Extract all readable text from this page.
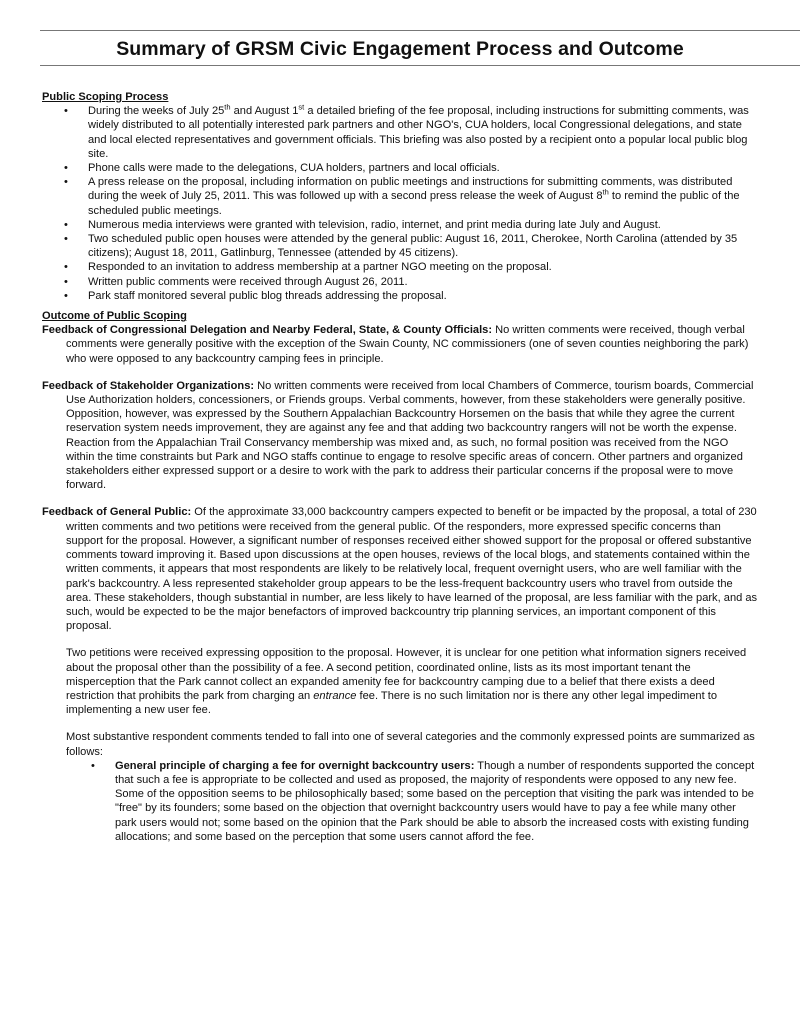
Summary of GRSM Civic Engagement Process and Outcome

Public Scoping Process

• During the weeks of July 25th and August 1st a detailed briefing of the fee proposal, including instructions for submitting comments, was widely distributed to all potentially interested park partners and other NGO's, CUA holders, local Congressional delegations, and state and local elected representatives and government officials. This briefing was also posted by a recipient onto a popular local public blog site.
• Phone calls were made to the delegations, CUA holders, partners and local officials.
• A press release on the proposal, including information on public meetings and instructions for submitting comments, was distributed during the week of July 25, 2011. This was followed up with a second press release the week of August 8th to remind the public of the scheduled public meetings.
• Numerous media interviews were granted with television, radio, internet, and print media during late July and August.
• Two scheduled public open houses were attended by the general public: August 16, 2011, Cherokee, North Carolina (attended by 35 citizens); August 18, 2011, Gatlinburg, Tennessee (attended by 45 citizens).
• Responded to an invitation to address membership at a partner NGO meeting on the proposal.
• Written public comments were received through August 26, 2011.
• Park staff monitored several public blog threads addressing the proposal.

Outcome of Public Scoping

Feedback of Congressional Delegation and Nearby Federal, State, & County Officials: No written comments were received, though verbal comments were generally positive with the exception of the Swain County, NC commissioners (one of seven counties neighboring the park) who were opposed to any backcountry camping fees in principle.

Feedback of Stakeholder Organizations: No written comments were received from local Chambers of Commerce, tourism boards, Commercial Use Authorization holders, concessioners, or Friends groups. Verbal comments, however, from these stakeholders were generally positive. Opposition, however, was expressed by the Southern Appalachian Backcountry Horsemen on the basis that while they agree the current reservation system needs improvement, they are against any fee and that adding two backcountry rangers will not be worth the expense. Reaction from the Appalachian Trail Conservancy membership was mixed and, as such, no formal position was received from the NGO within the time constraints but Park and NGO staffs continue to engage to resolve specific areas of concern. Other partners and organized stakeholders either expressed support or a desire to work with the park to address their particular concerns if the proposal were to move forward.

Feedback of General Public: Of the approximate 33,000 backcountry campers expected to benefit or be impacted by the proposal, a total of 230 written comments and two petitions were received from the general public. Of the responders, more expressed specific concerns than support for the proposal. However, a significant number of responses received either showed support for the proposal or offered substantive comments toward improving it. Based upon discussions at the open houses, reviews of the local blogs, and statements contained within the written comments, it appears that most respondents are likely to be relatively local, frequent overnight users, who are well familiar with the park's backcountry. A less represented stakeholder group appears to be the less-frequent backcountry users who travel from outside the area. These stakeholders, though substantial in number, are less likely to have learned of the proposal, are less familiar with the park, and as such, would be expected to be the major benefactors of improved backcountry trip planning services, an important component of this proposal.

Two petitions were received expressing opposition to the proposal. However, it is unclear for one petition what information signers received about the proposal other than the possibility of a fee. A second petition, coordinated online, lists as its most important tenant the misperception that the Park cannot collect an expanded amenity fee for backcountry camping due to a belief that there exists a deed restriction that prohibits the park from charging an entrance fee. There is no such limitation nor is there any other legal impediment to implementing a new user fee.

Most substantive respondent comments tended to fall into one of several categories and the commonly expressed points are summarized as follows:

• General principle of charging a fee for overnight backcountry users: Though a number of respondents supported the concept that such a fee is appropriate to be collected and used as proposed, the majority of respondents were opposed to any new fee. Some of the opposition seems to be philosophically based; some based on the perception that visiting the park was intended to be "free" by its founders; some based on the objection that overnight backcountry users would have to pay a fee while many other park users would not; some based on the opinion that the Park should be able to absorb the increased costs with existing funding allocations; and some based on the perception that some users cannot afford the fee.
